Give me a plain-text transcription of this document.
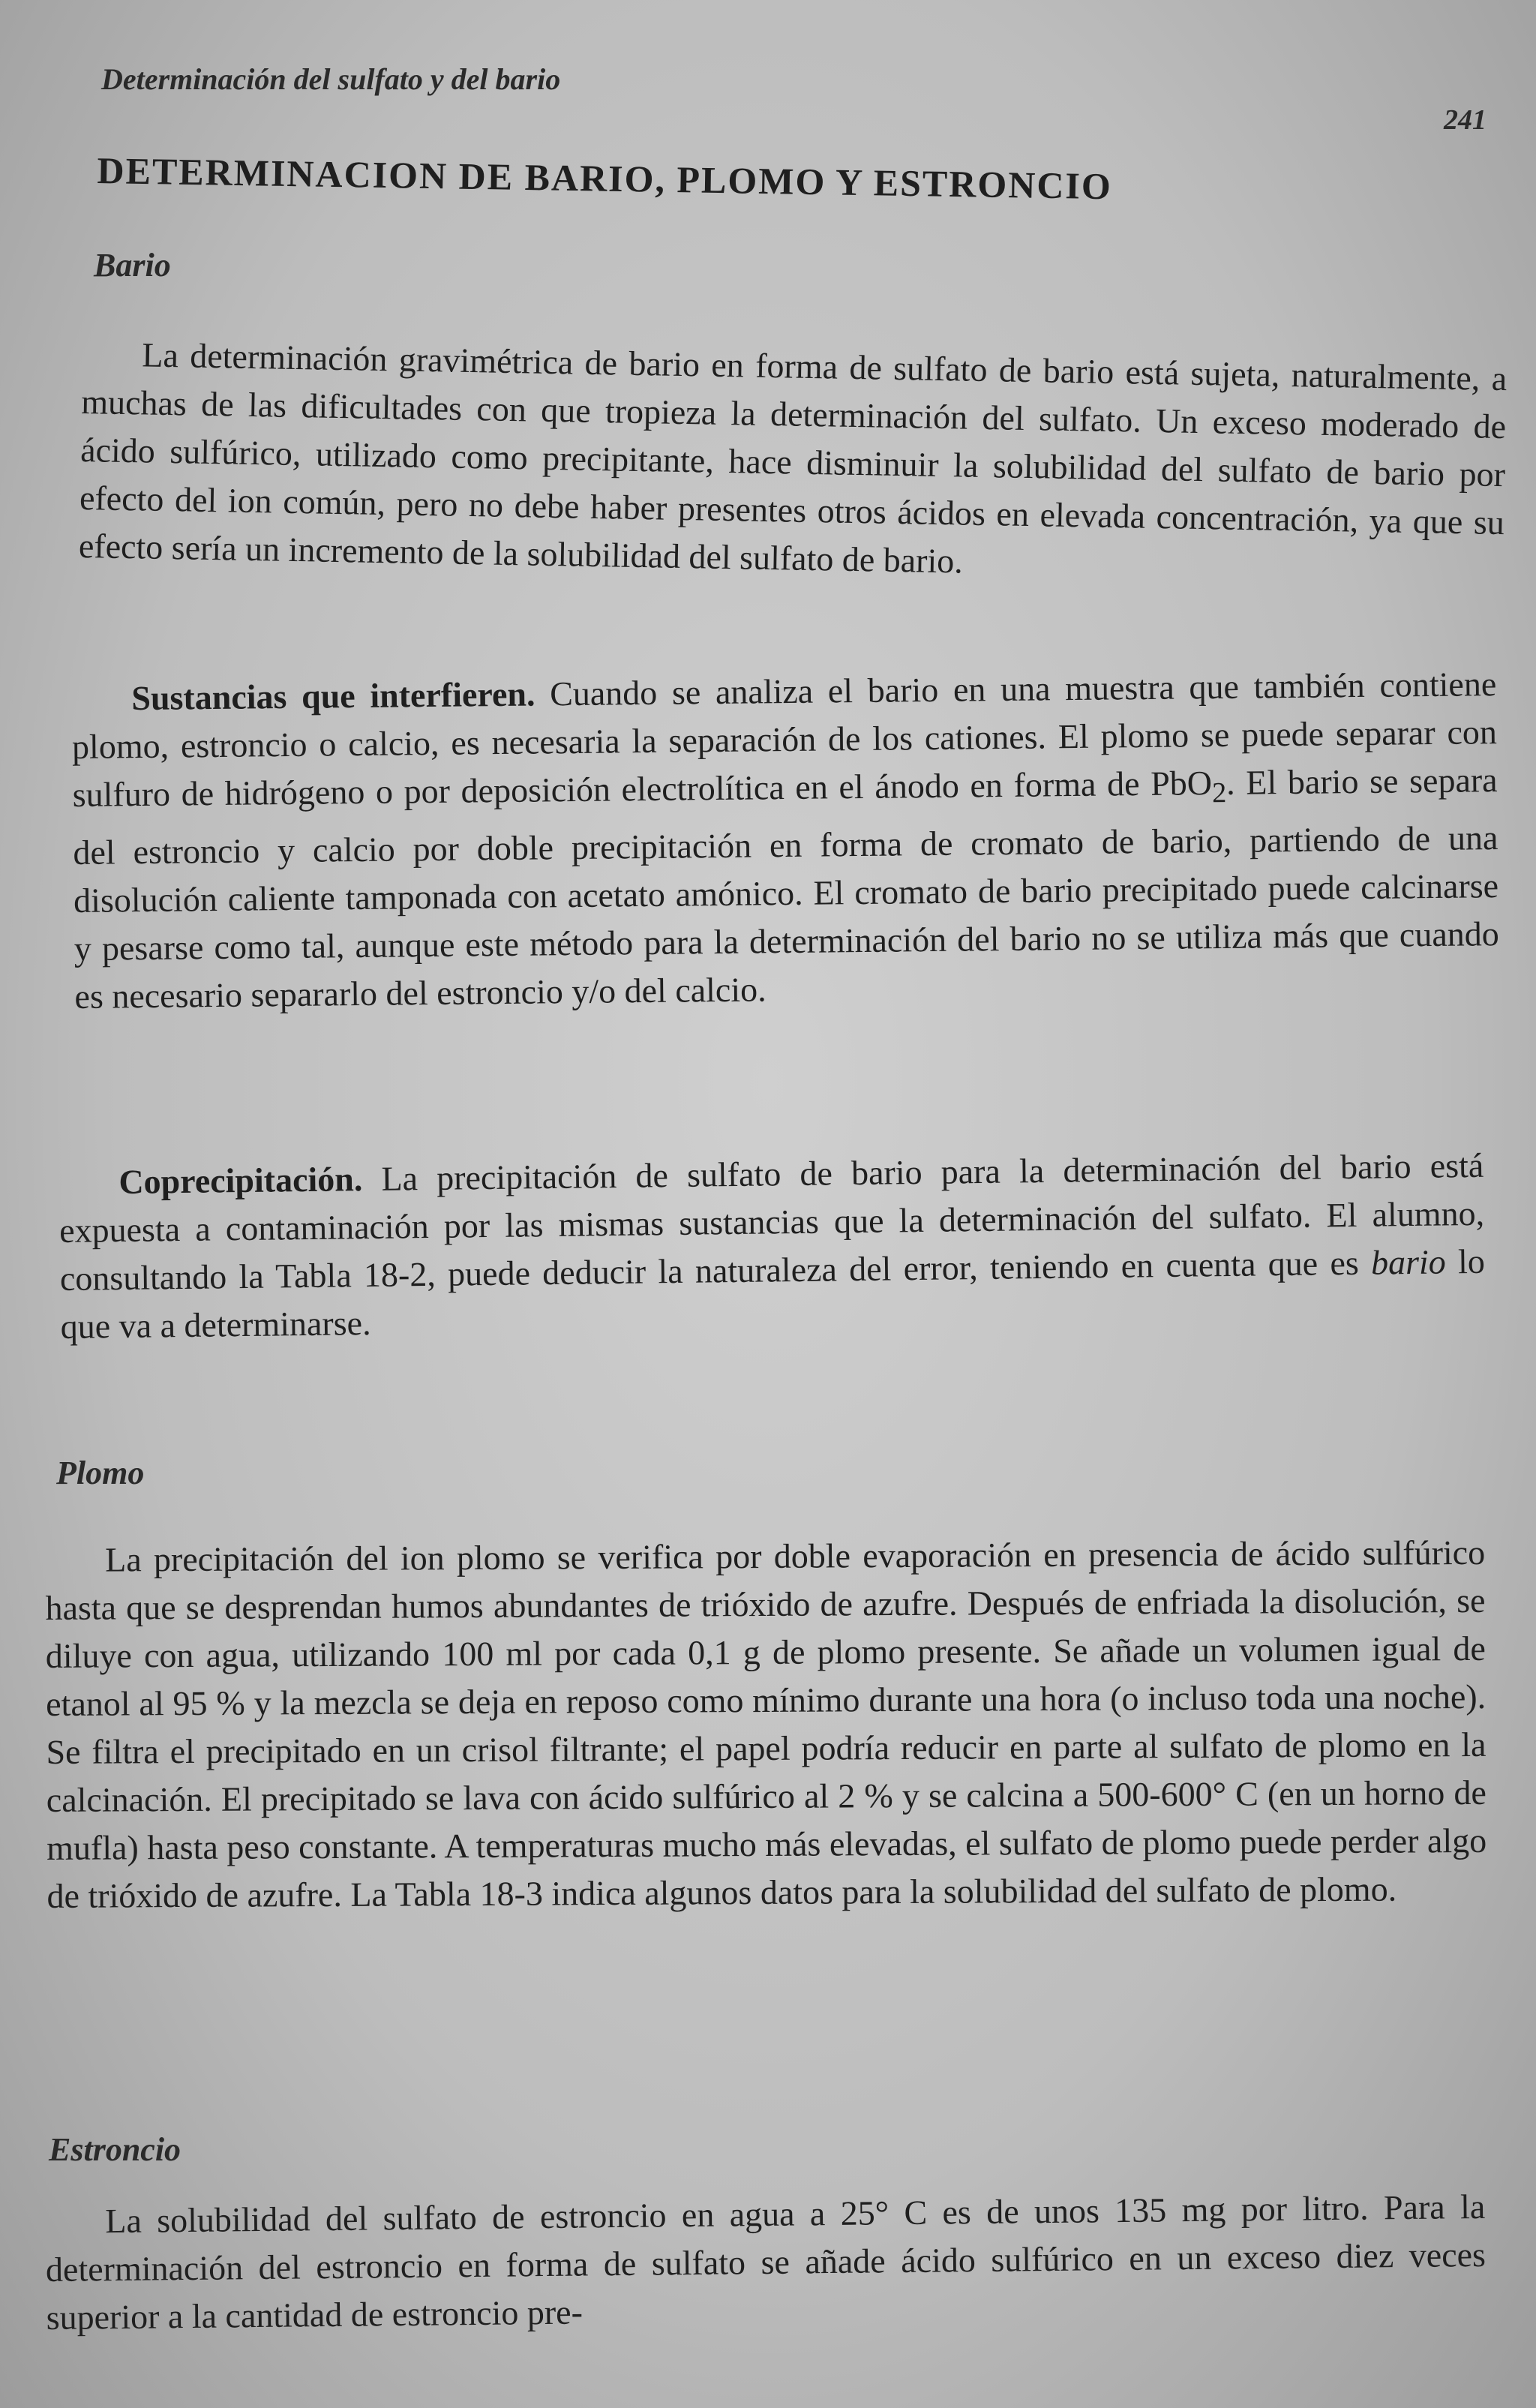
Determinación del sulfato y del bario
241
DETERMINACION DE BARIO, PLOMO Y ESTRONCIO
Bario
La determinación gravimétrica de bario en forma de sulfato de bario está sujeta, naturalmente, a muchas de las dificultades con que tropieza la determinación del sulfato. Un exceso moderado de ácido sulfúrico, utilizado como precipitante, hace disminuir la solubilidad del sulfato de bario por efecto del ion común, pero no debe haber presentes otros ácidos en elevada concentración, ya que su efecto sería un incremento de la solubilidad del sulfato de bario.
Sustancias que interfieren. Cuando se analiza el bario en una muestra que también contiene plomo, estroncio o calcio, es necesaria la separación de los cationes. El plomo se puede separar con sulfuro de hidrógeno o por deposición electrolítica en el ánodo en forma de PbO$_2$. El bario se separa del estroncio y calcio por doble precipitación en forma de cromato de bario, partiendo de una disolución caliente tamponada con acetato amónico. El cromato de bario precipitado puede calcinarse y pesarse como tal, aunque este método para la determinación del bario no se utiliza más que cuando es necesario separarlo del estroncio y/o del calcio.
Coprecipitación. La precipitación de sulfato de bario para la determinación del bario está expuesta a contaminación por las mismas sustancias que la determinación del sulfato. El alumno, consultando la Tabla 18-2, puede deducir la naturaleza del error, teniendo en cuenta que es bario lo que va a determinarse.
Plomo
La precipitación del ion plomo se verifica por doble evaporación en presencia de ácido sulfúrico hasta que se desprendan humos abundantes de trióxido de azufre. Después de enfriada la disolución, se diluye con agua, utilizando 100 ml por cada 0,1 g de plomo presente. Se añade un volumen igual de etanol al 95 % y la mezcla se deja en reposo como mínimo durante una hora (o incluso toda una noche). Se filtra el precipitado en un crisol filtrante; el papel podría reducir en parte al sulfato de plomo en la calcinación. El precipitado se lava con ácido sulfúrico al 2 % y se calcina a 500-600° C (en un horno de mufla) hasta peso constante. A temperaturas mucho más elevadas, el sulfato de plomo puede perder algo de trióxido de azufre. La Tabla 18-3 indica algunos datos para la solubilidad del sulfato de plomo.
Estroncio
La solubilidad del sulfato de estroncio en agua a 25° C es de unos 135 mg por litro. Para la determinación del estroncio en forma de sulfato se añade ácido sulfúrico en un exceso diez veces superior a la cantidad de estroncio pre-
